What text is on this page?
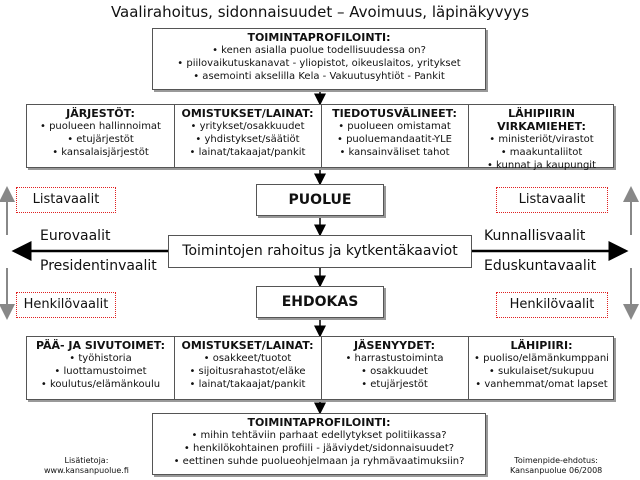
Vaalirahoitus, sidonnaisuudet – Avoimuus, läpinäkyvyys
TOIMINTAPROFILOINTI:
• kenen asialla puolue todellisuudessa on?
• piilovaikutuskanavat - yliopistot, oikeuslaitos, yritykset
• asemointi akselilla Kela - Vakuutusyhtiöt - Pankit
JÄRJESTÖT:
• puolueen hallinnoimat
• etujärjestöt
• kansalaisjärjestöt
OMISTUKSET/LAINAT:
• yritykset/osakkuudet
• yhdistykset/säätiöt
• lainat/takaajat/pankit
TIEDOTUSVÄLINEET:
• puolueen omistamat
• puoluemandaatit-YLE
• kansainväliset tahot
LÄHIPIIRIN VIRKAMIEHET:
• ministeriöt/virastot
• maakuntaliitot
• kunnat ja kaupungit
PUOLUE
Toimintojen rahoitus ja kytkentäkaaviot
EHDOKAS
Listavaalit
Eurovaalit
Presidentinvaalit
Henkilövaalit
Listavaalit
Kunnallisvaalit
Eduskuntavaalit
Henkilövaalit
PÄÄ- JA SIVUTOIMET:
• työhistoria
• luottamustoimet
• koulutus/elämänkoulu
OMISTUKSET/LAINAT:
• osakkeet/tuotot
• sijoitusrahastot/eläke
• lainat/takaajat/pankit
JÄSENYYDET:
• harrastustoiminta
• osakkuudet
• etujärjestöt
LÄHIPIIRI:
• puoliso/elämänkumppani
• sukulaiset/sukupuu
• vanhemmat/omat lapset
TOIMINTAPROFILOINTI:
• mihin tehtäviin parhaat edellytykset politiikassa?
• henkilökohtainen profiili - jääviydet/sidonnaisuudet?
• eettinen suhde puolueohjelmaan ja ryhmävaatimuksiin?
Lisätietoja:
www.kansanpuolue.fi
Toimenpide-ehdotus:
Kansanpuolue 06/2008
